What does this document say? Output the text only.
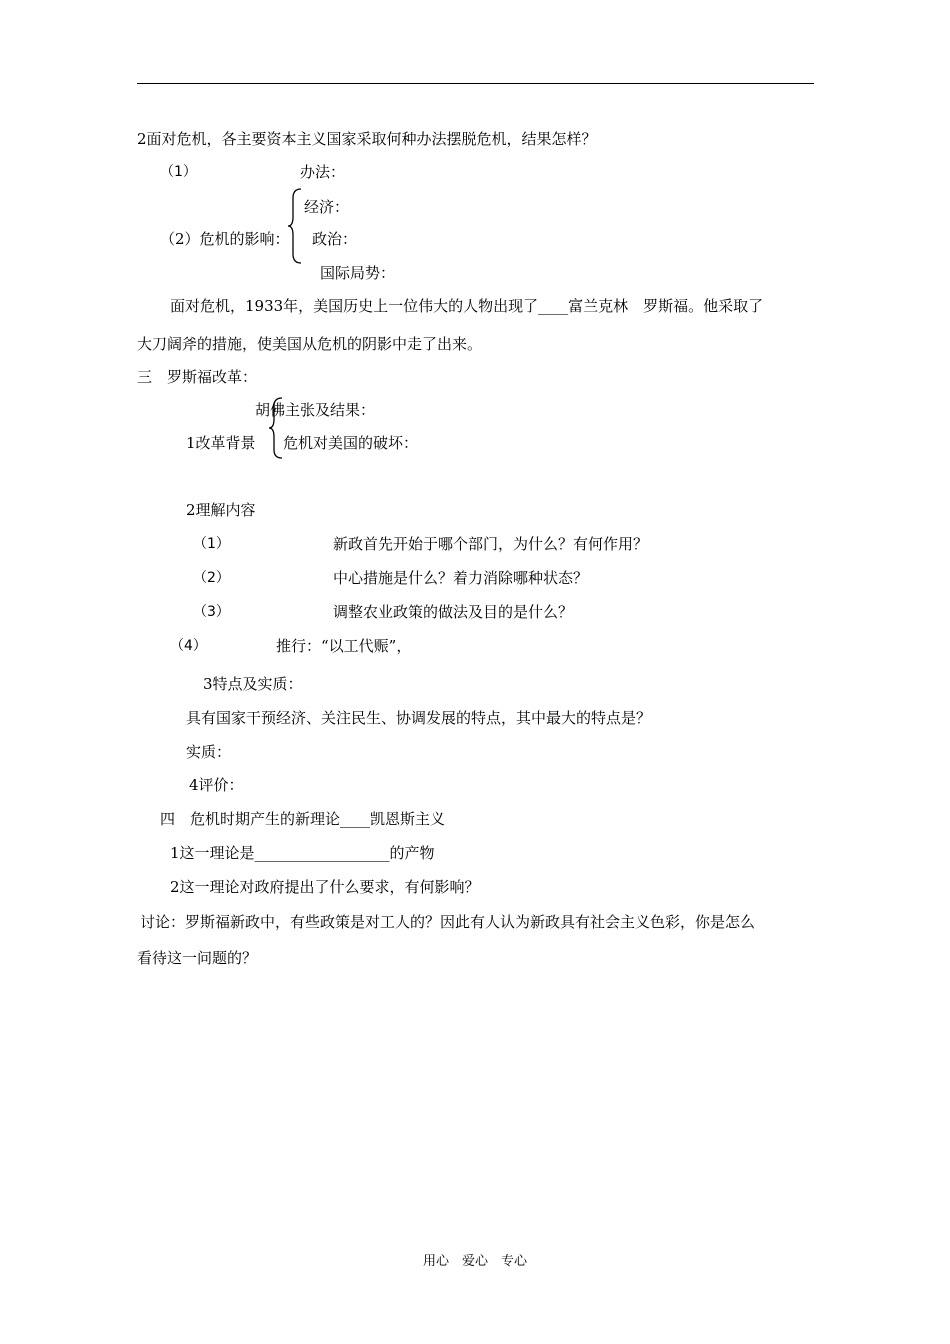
2面对危机，各主要资本主义国家采取何种办法摆脱危机，结果怎样？
（1）	办法：
经济：
（2）危机的影响： 政治：
国际局势：
面对危机，1933年，美国历史上一位伟大的人物出现了____富兰克林　罗斯福。他采取了
大刀阔斧的措施，使美国从危机的阴影中走了出来。
三　罗斯福改革：
胡佛主张及结果：
1改革背景 危机对美国的破坏：
2理解内容
（1）	新政首先开始于哪个部门，为什么？有何作用？
（2）	中心措施是什么？着力消除哪种状态？
（3）	调整农业政策的做法及目的是什么？
（4）	推行：“以工代赈”，
3特点及实质：
具有国家干预经济、关注民生、协调发展的特点，其中最大的特点是？
实质：
4评价：
四　危机时期产生的新理论____凯恩斯主义
1这一理论是__________________的产物
2这一理论对政府提出了什么要求，有何影响？
讨论：罗斯福新政中，有些政策是对工人的？因此有人认为新政具有社会主义色彩，你是怎么
看待这一问题的？
用心　爱心　专心
